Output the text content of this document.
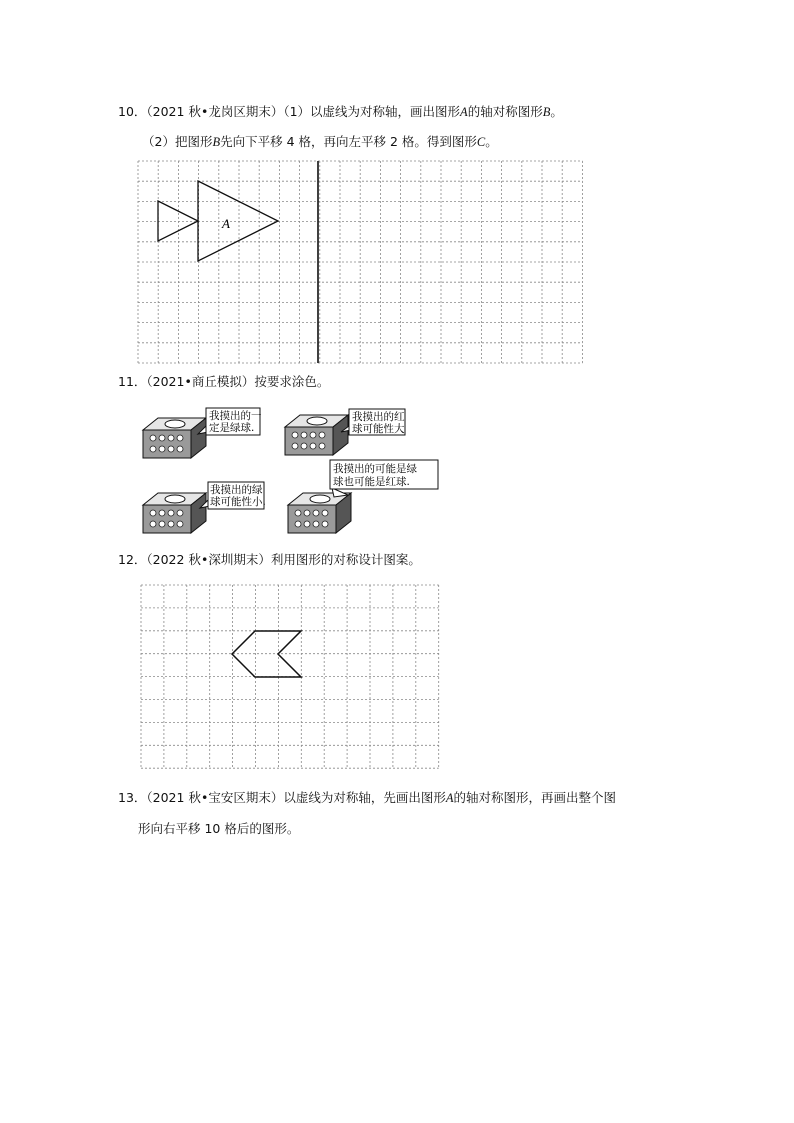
10．（2021 秋•龙岗区期末）（1）以虚线为对称轴，画出图形A的轴对称图形B。
（2）把图形B先向下平移 4 格，再向左平移 2 格。得到图形C。
A
11．（2021•商丘模拟）按要求涂色。
我摸出的一
定是绿球.
我摸出的红
球可能性大
我摸出的绿
球可能性小.
我摸出的可能是绿
球也可能是红球.
12．（2022 秋•深圳期末）利用图形的对称设计图案。
13．（2021 秋•宝安区期末）以虚线为对称轴，先画出图形A的轴对称图形，再画出整个图
形向右平移 10 格后的图形。
